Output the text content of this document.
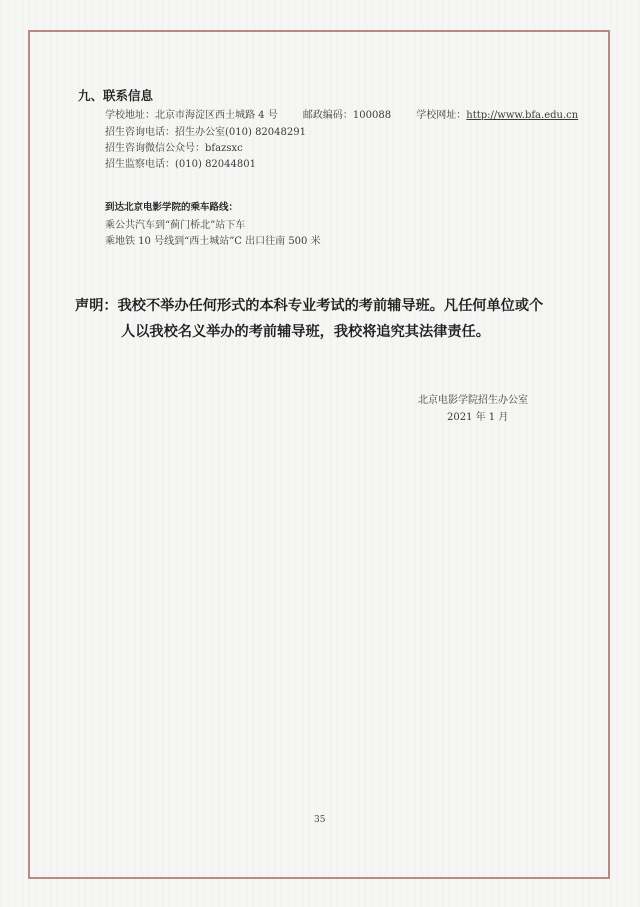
九、联系信息
学校地址：北京市海淀区西土城路 4 号	邮政编码：100088	学校网址：http://www.bfa.edu.cn
招生咨询电话：招生办公室(010) 82048291
招生咨询微信公众号：bfazsxc
招生监察电话：(010) 82044801
到达北京电影学院的乘车路线：
乘公共汽车到“蓟门桥北”站下车
乘地铁 10 号线到“西土城站”C 出口往南 500 米
声明：我校不举办任何形式的本科专业考试的考前辅导班。凡任何单位或个
人以我校名义举办的考前辅导班，我校将追究其法律责任。
北京电影学院招生办公室
2021 年 1 月
35
